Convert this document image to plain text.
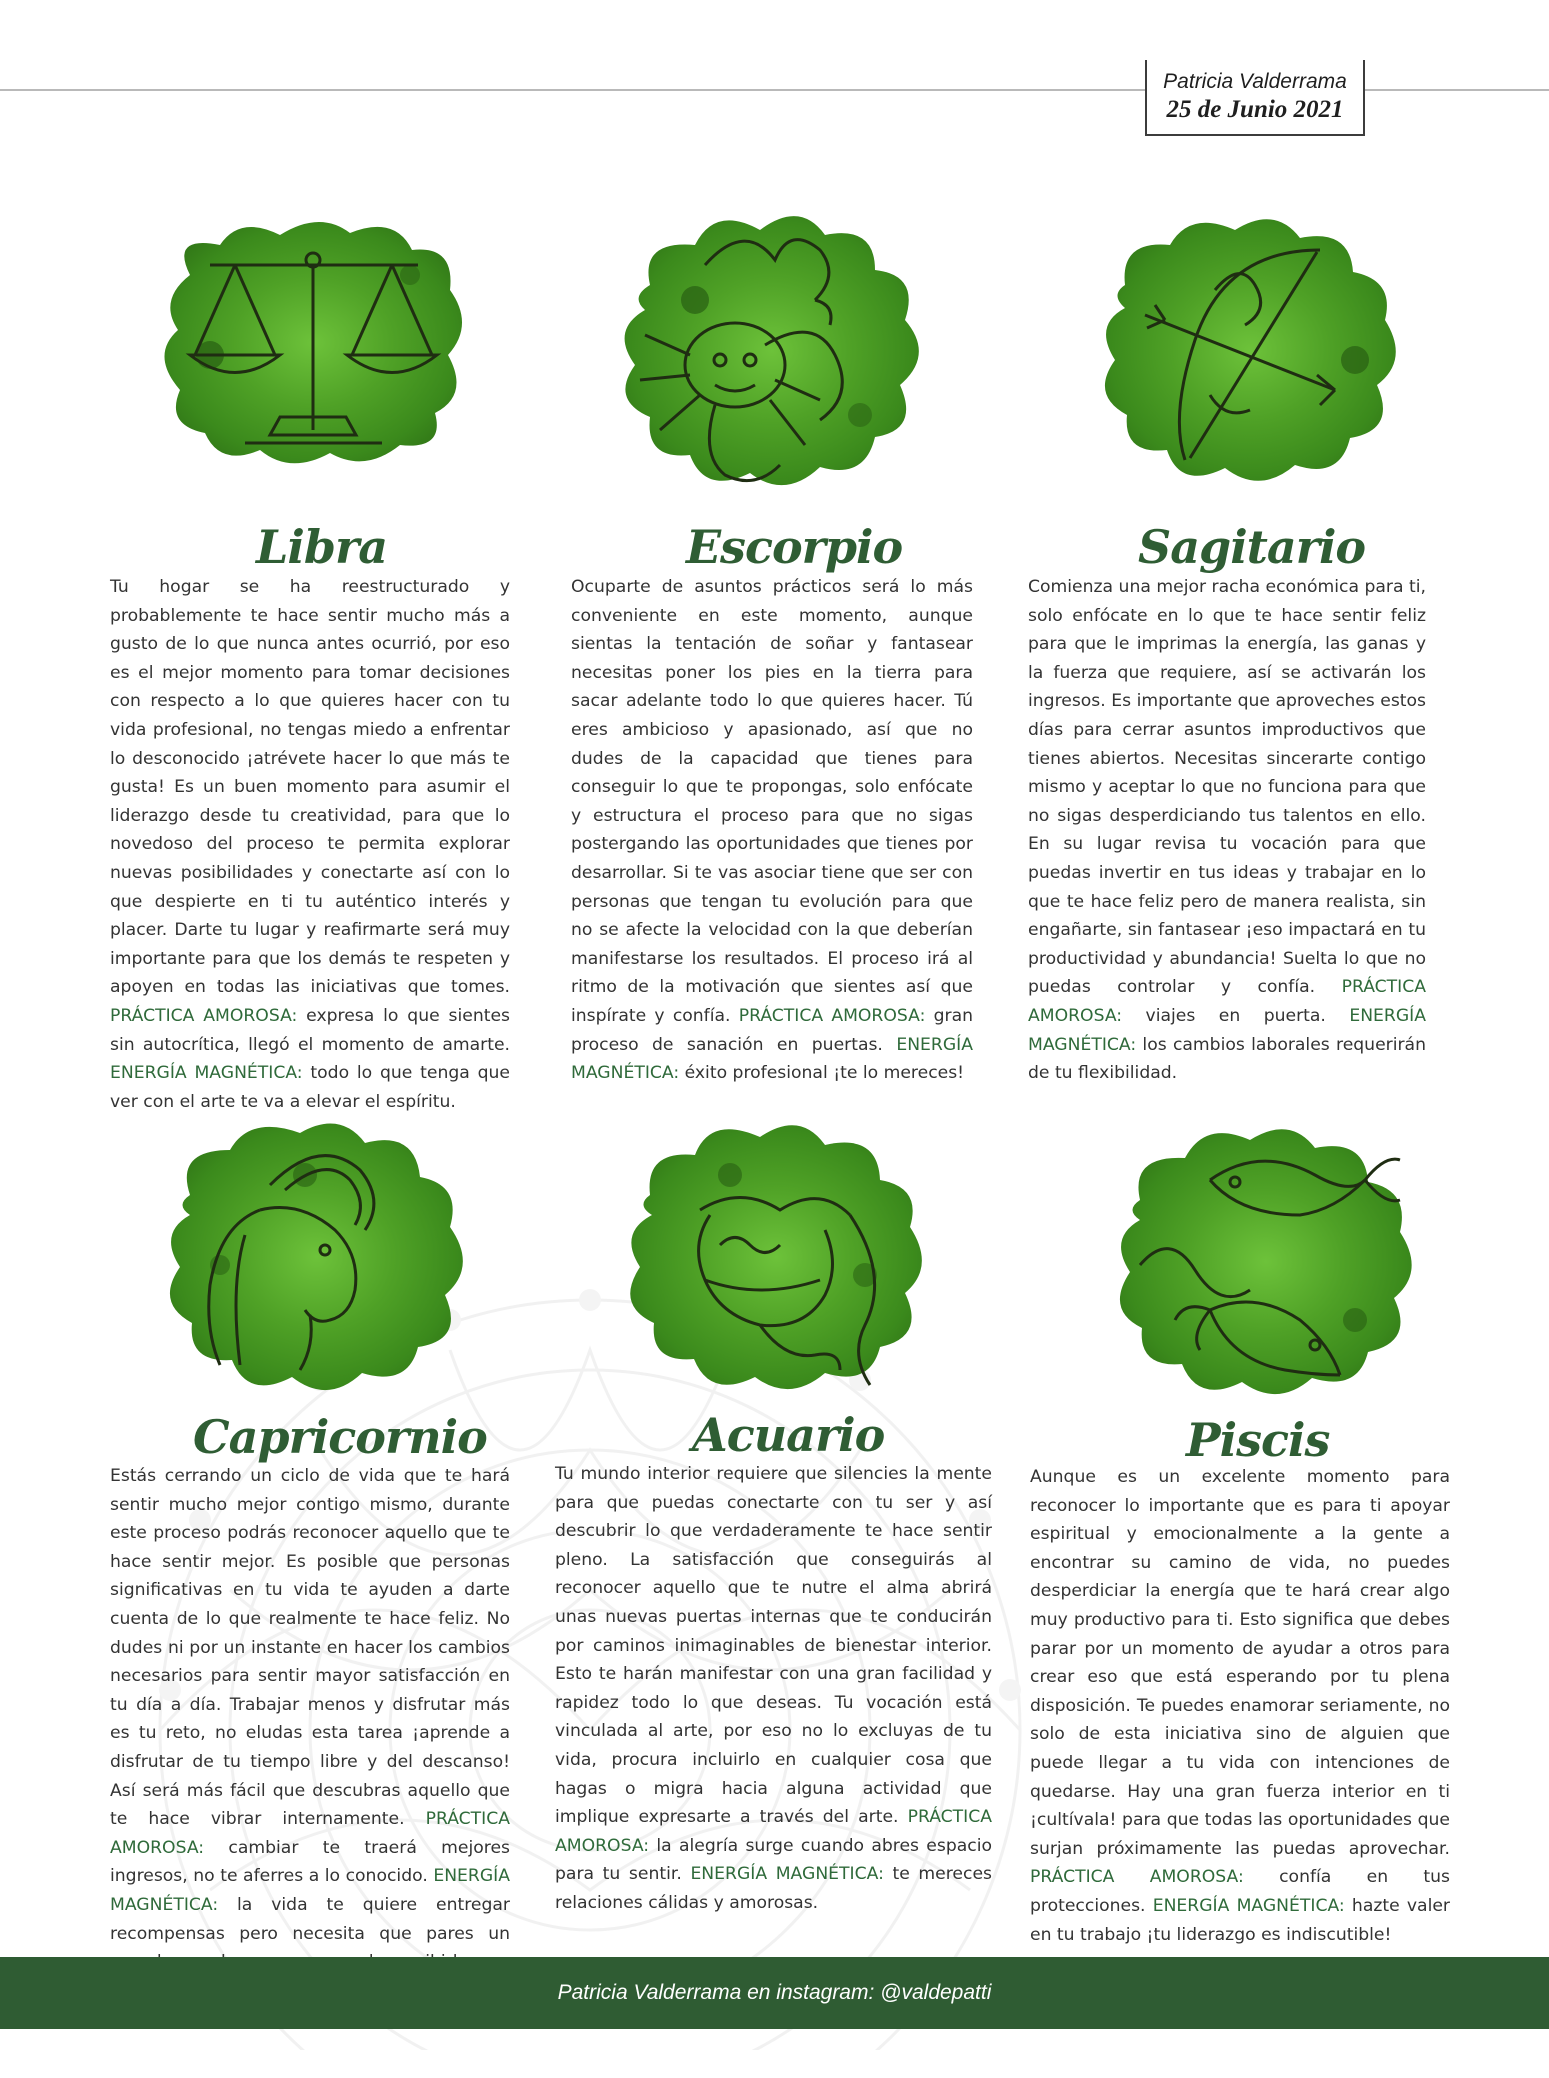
Patricia Valderrama
25 de Junio 2021
Libra

Tu hogar se ha reestructurado y probablemente te hace sentir mucho más a gusto de lo que nunca antes ocurrió, por eso es el mejor momento para tomar decisiones con respecto a lo que quieres hacer con tu vida profesional, no tengas miedo a enfrentar lo desconocido ¡atrévete hacer lo que más te gusta! Es un buen momento para asumir el liderazgo desde tu creatividad, para que lo novedoso del proceso te permita explorar nuevas posibilidades y conectarte así con lo que despierte en ti tu auténtico interés y placer. Darte tu lugar y reafirmarte será muy importante para que los demás te respeten y apoyen en todas las iniciativas que tomes. PRÁCTICA AMOROSA: expresa lo que sientes sin autocrítica, llegó el momento de amarte. ENERGÍA MAGNÉTICA: todo lo que tenga que ver con el arte te va a elevar el espíritu.

Escorpio

Ocuparte de asuntos prácticos será lo más conveniente en este momento, aunque sientas la tentación de soñar y fantasear necesitas poner los pies en la tierra para sacar adelante todo lo que quieres hacer. Tú eres ambicioso y apasionado, así que no dudes de la capacidad que tienes para conseguir lo que te propongas, solo enfócate y estructura el proceso para que no sigas postergando las oportunidades que tienes por desarrollar. Si te vas asociar tiene que ser con personas que tengan tu evolución para que no se afecte la velocidad con la que deberían manifestarse los resultados. El proceso irá al ritmo de la motivación que sientes así que inspírate y confía. PRÁCTICA AMOROSA: gran proceso de sanación en puertas. ENERGÍA MAGNÉTICA: éxito profesional ¡te lo mereces!

Sagitario

Comienza una mejor racha económica para ti, solo enfócate en lo que te hace sentir feliz para que le imprimas la energía, las ganas y la fuerza que requiere, así se activarán los ingresos. Es importante que aproveches estos días para cerrar asuntos improductivos que tienes abiertos. Necesitas sincerarte contigo mismo y aceptar lo que no funciona para que no sigas desperdiciando tus talentos en ello. En su lugar revisa tu vocación para que puedas invertir en tus ideas y trabajar en lo que te hace feliz pero de manera realista, sin engañarte, sin fantasear ¡eso impactará en tu productividad y abundancia! Suelta lo que no puedas controlar y confía. PRÁCTICA AMOROSA: viajes en puerta. ENERGÍA MAGNÉTICA: los cambios laborales requerirán de tu flexibilidad.

Capricornio

Estás cerrando un ciclo de vida que te hará sentir mucho mejor contigo mismo, durante este proceso podrás reconocer aquello que te hace sentir mejor. Es posible que personas significativas en tu vida te ayuden a darte cuenta de lo que realmente te hace feliz. No dudes ni por un instante en hacer los cambios necesarios para sentir mayor satisfacción en tu día a día. Trabajar menos y disfrutar más es tu reto, no eludas esta tarea ¡aprende a disfrutar de tu tiempo libre y del descanso! Así será más fácil que descubras aquello que te hace vibrar internamente. PRÁCTICA AMOROSA: cambiar te traerá mejores ingresos, no te aferres a lo conocido. ENERGÍA MAGNÉTICA: la vida te quiere entregar recompensas pero necesita que pares un

Acuario

Tu mundo interior requiere que silencies la mente para que puedas conectarte con tu ser y así descubrir lo que verdaderamente te hace sentir pleno. La satisfacción que conseguirás al reconocer aquello que te nutre el alma abrirá unas nuevas puertas internas que te conducirán por caminos inimaginables de bienestar interior. Esto te harán manifestar con una gran facilidad y rapidez todo lo que deseas. Tu vocación está vinculada al arte, por eso no lo excluyas de tu vida, procura incluirlo en cualquier cosa que hagas o migra hacia alguna actividad que implique expresarte a través del arte. PRÁCTICA AMOROSA: la alegría surge cuando abres espacio para tu sentir. ENERGÍA MAGNÉTICA: te mereces relaciones cálidas y amorosas.

Piscis

Aunque es un excelente momento para reconocer lo importante que es para ti apoyar espiritual y emocionalmente a la gente a encontrar su camino de vida, no puedes desperdiciar la energía que te hará crear algo muy productivo para ti. Esto significa que debes parar por un momento de ayudar a otros para crear eso que está esperando por tu plena disposición. Te puedes enamorar seriamente, no solo de esta iniciativa sino de alguien que puede llegar a tu vida con intenciones de quedarse. Hay una gran fuerza interior en ti ¡cultívala! para que todas las oportunidades que surjan próximamente las puedas aprovechar. PRÁCTICA AMOROSA: confía en tus protecciones. ENERGÍA MAGNÉTICA: hazte valer en tu trabajo ¡tu liderazgo es indiscutible!

Patricia Valderrama en instagram: @valdepatti
